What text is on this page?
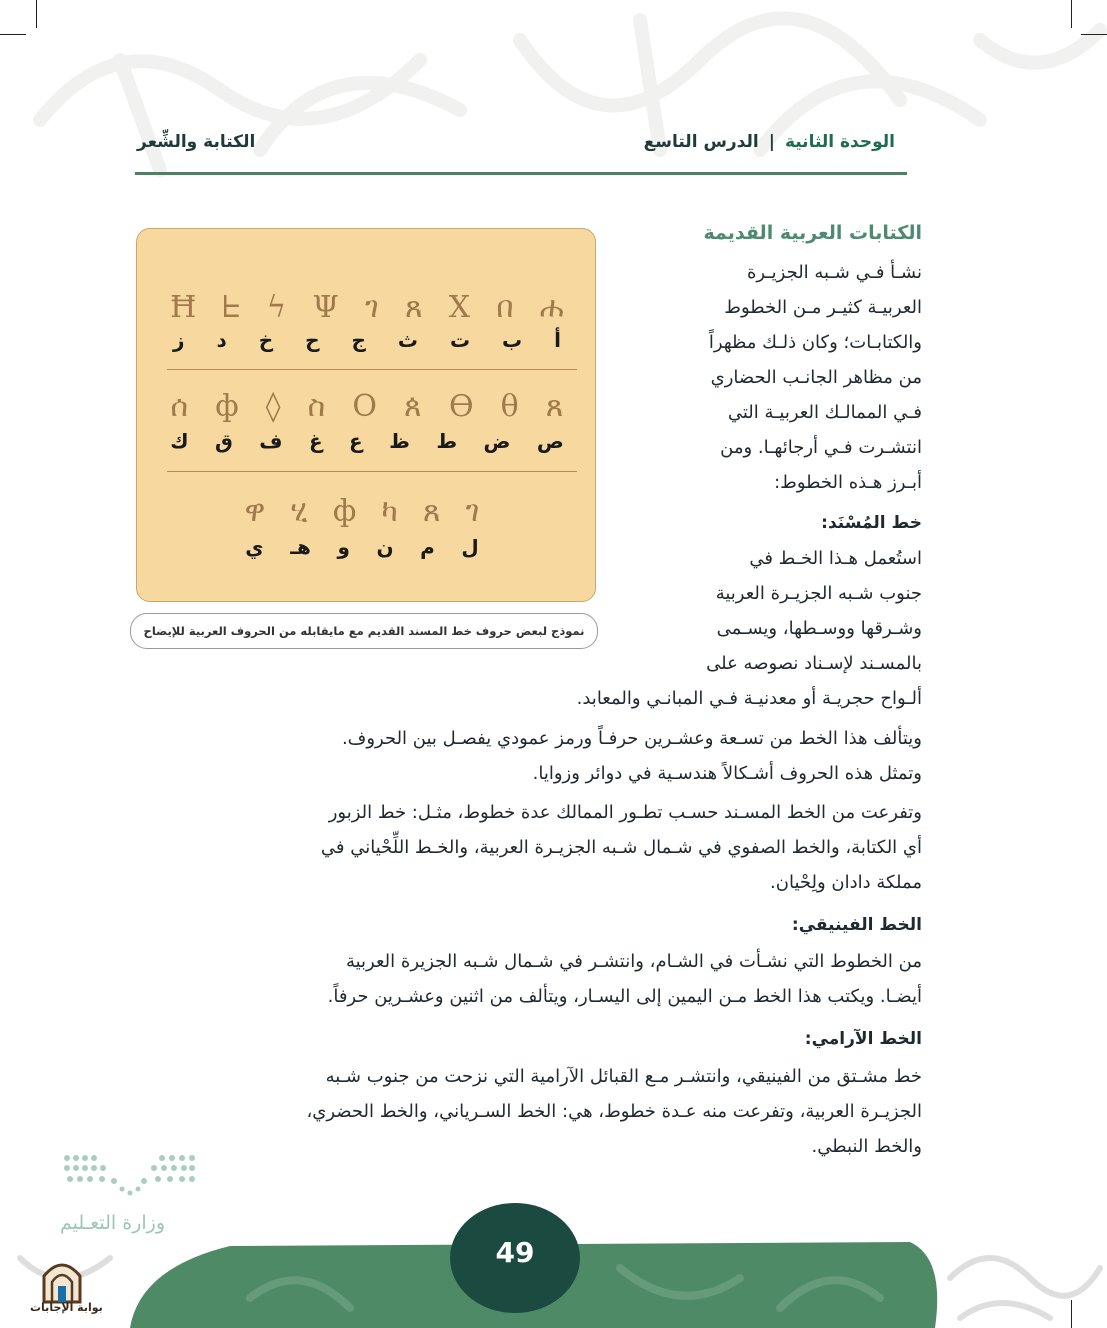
الوحدة الثانية|الدرس التاسع
الكتابة والشِّعر
الكتابات العربية القديمة

نشـأ فـي شـبه الجزيـرة

العربيـة كثيـر مـن الخطوط

والكتابـات؛ وكان ذلـك مظهراً

من مظاهر الجانـب الحضاري

فـي الممالـك العربيـة التي

انتشـرت فـي أرجائهـا. ومن

أبـرز هـذه الخطوط:

خط المُسْنَد:

استُعمل هـذا الخـط في

جنوب شـبه الجزيـرة العربية

وشـرقها ووسـطها، ويسـمى

بالمسـند لإسـناد نصوصه على

ألـواح حجريـة أو معدنيـة فـي المبانـي والمعابد.

ويتألف هذا الخط من تسـعة وعشـرين حرفـاً ورمز عمودي يفصـل بين الحروف.

وتمثل هذه الحروف أشـكالاً هندسـية في دوائر وزوايا.

وتفرعت من الخط المسـند حسـب تطـور الممالك عدة خطوط، مثـل: خط الزبور

أي الكتابة، والخط الصفوي في شـمال شـبه الجزيـرة العربية، والخـط اللِّحْياني في

مملكة دادان ولِحْيان.

الخط الفينيقي:

من الخطوط التي نشـأت في الشـام، وانتشـر في شـمال شـبه الجزيرة العربية

أيضـا. ويكتب هذا الخط مـن اليمين إلى اليسـار، ويتألف من اثنين وعشـرين حرفاً.

الخط الآرامي:

خط مشـتق من الفينيقي، وانتشـر مـع القبائل الآرامية التي نزحت من جنوب شـبه

الجزيـرة العربية، وتفرعت منه عـدة خطوط، هي: الخط السـرياني، والخط الحضري،

والخط النبطي.

Ħ ᖶ ϟ Ψ ገ ጸ X በ ሐ
ز د خ ح ج ث ت ب أ
ሰ ф ◊ ስ O ጰ Ѳ θ ጸ
ك ق ف غ ع ظ ط ض ص
ዋ ሂ ф ካ ጸ ገ
ي هـ و ن م ل
نموذج لبعض حروف خط المسند القديم مع مايقابله من الحروف العربية للإيضاح
وزارة التعـليم
49
بوابة الإجابات
